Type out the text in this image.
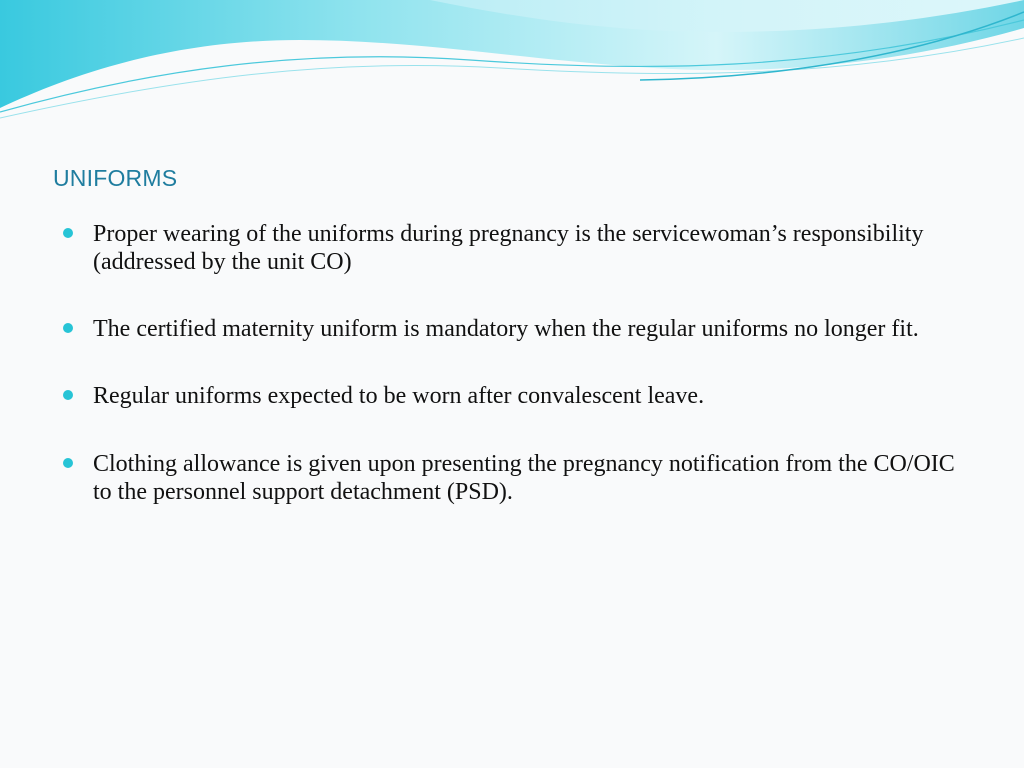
UNIFORMS
Proper wearing of the uniforms during pregnancy is the servicewoman’s responsibility (addressed by the unit CO)
The certified maternity uniform is mandatory when the regular uniforms no longer fit.
Regular uniforms expected to be worn after convalescent leave.
Clothing allowance is given upon presenting the pregnancy notification from the CO/OIC to the personnel support detachment (PSD).
